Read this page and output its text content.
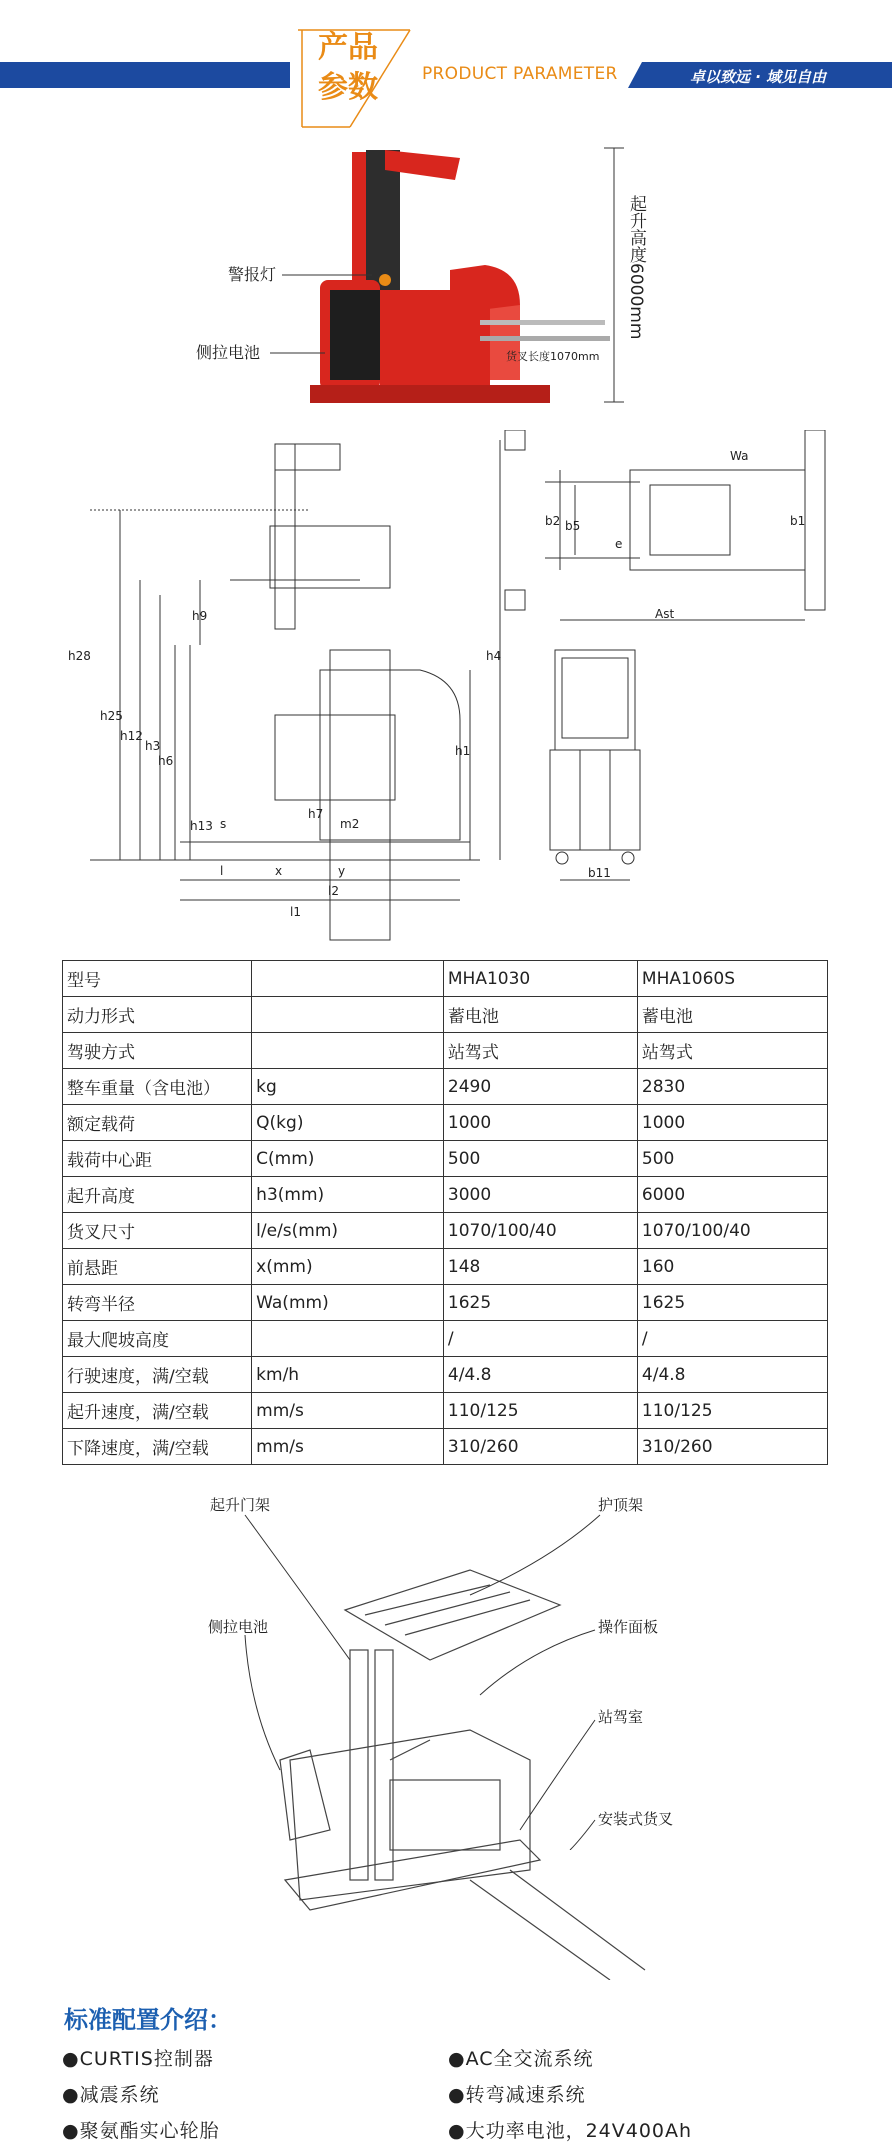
产品
参数	PRODUCT PARAMETER	卓以致远 · 域见自由
起升高度6000mm
警报灯
侧拉电池	货叉长度1070mm
h28
h25
h12
h3
h6
h9
h13 s
h7
m2
h1
h4
l	x	y
l2
l1
b2 b5
e
b1
Wa
Ast
b11
型号		MHA1030	MHA1060S
动力形式		蓄电池	蓄电池
驾驶方式		站驾式	站驾式
整车重量（含电池）	kg	2490	2830
额定载荷	Q(kg)	1000	1000
载荷中心距	C(mm)	500	500
起升高度	h3(mm)	3000	6000
货叉尺寸	l/e/s(mm)	1070/100/40	1070/100/40
前悬距	x(mm)	148	160
转弯半径	Wa(mm)	1625	1625
最大爬坡高度		/	/
行驶速度，满/空载	km/h	4/4.8	4/4.8
起升速度，满/空载	mm/s	110/125	110/125
下降速度，满/空载	mm/s	310/260	310/260
起升门架	护顶架
侧拉电池	操作面板
站驾室
安装式货叉
标准配置介绍：
●CURTIS控制器	●AC全交流系统
●减震系统	●转弯减速系统
●聚氨酯实心轮胎	●大功率电池，24V400Ah
